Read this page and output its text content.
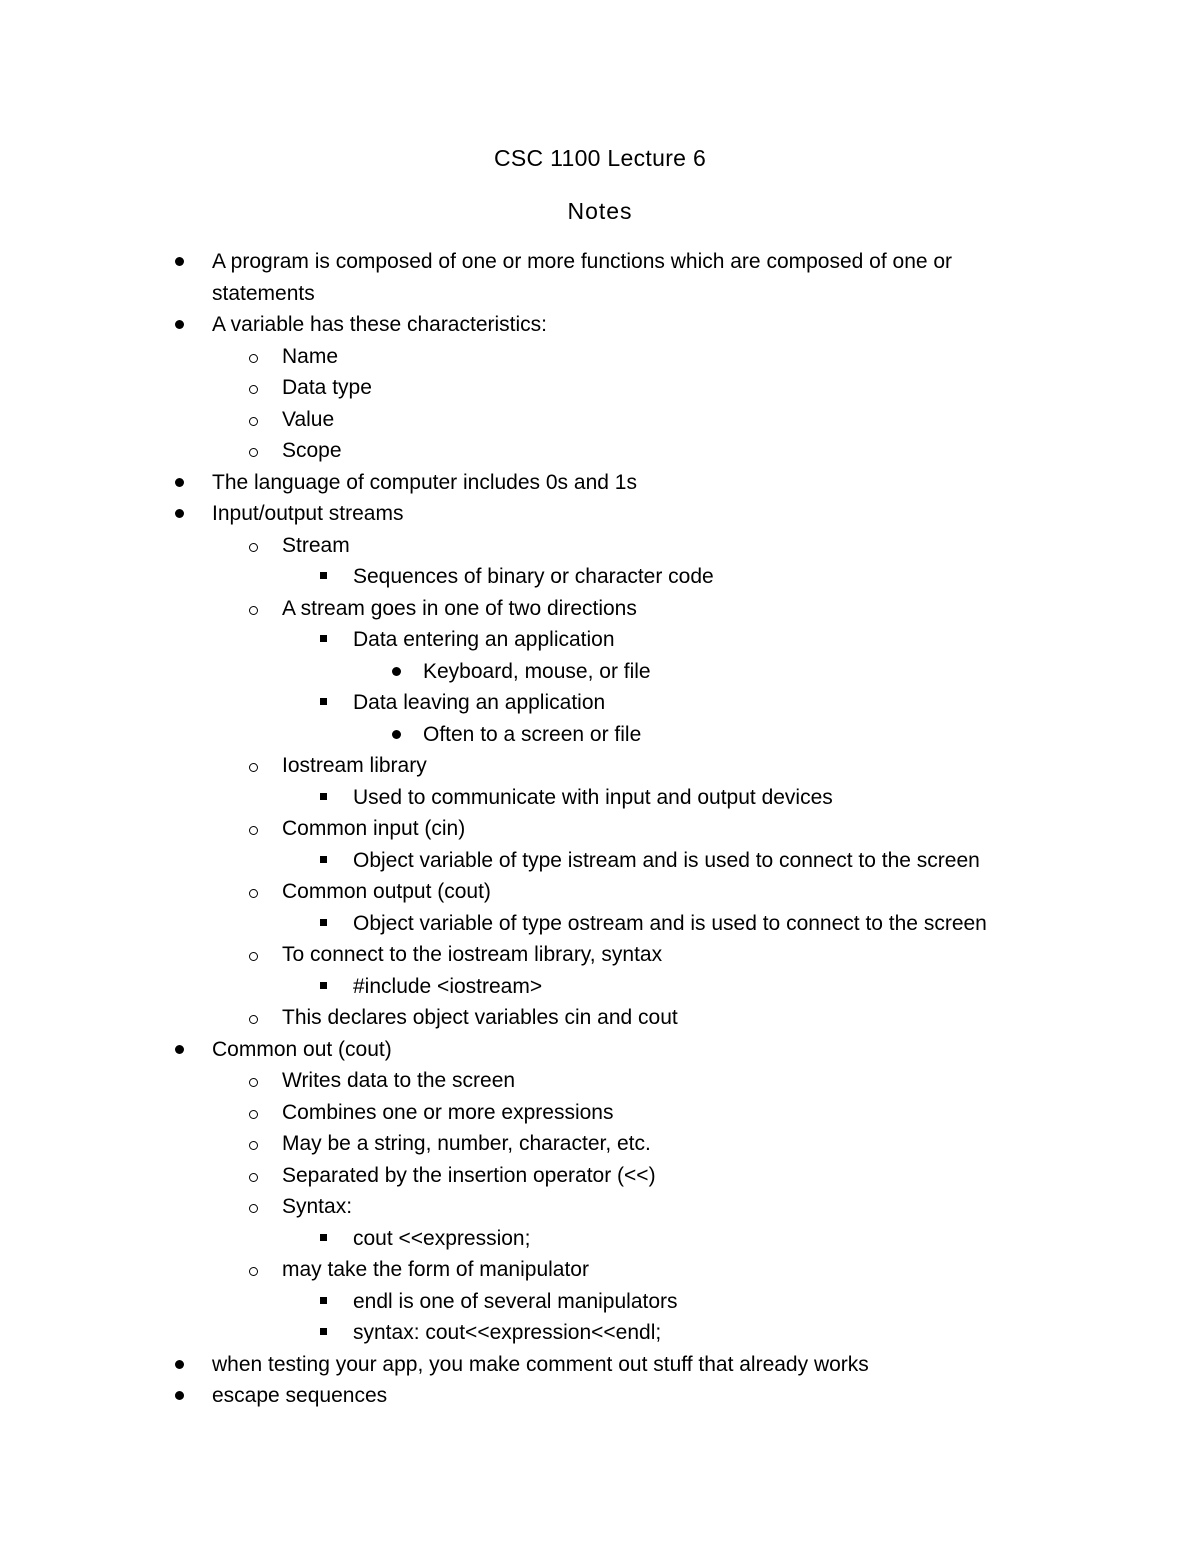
CSC 1100 Lecture 6
Notes
A program is composed of one or more functions which are composed of one or
statements
A variable has these characteristics:
Name
Data type
Value
Scope
The language of computer includes 0s and 1s
Input/output streams
Stream
Sequences of binary or character code
A stream goes in one of two directions
Data entering an application
Keyboard, mouse, or file
Data leaving an application
Often to a screen or file
Iostream library
Used to communicate with input and output devices
Common input (cin)
Object variable of type istream and is used to connect to the screen
Common output (cout)
Object variable of type ostream and is used to connect to the screen
To connect to the iostream library, syntax
#include <iostream>
This declares object variables cin and cout
Common out (cout)
Writes data to the screen
Combines one or more expressions
May be a string, number, character, etc.
Separated by the insertion operator (<<)
Syntax:
cout <<expression;
may take the form of manipulator
endl is one of several manipulators
syntax: cout<<expression<<endl;
when testing your app, you make comment out stuff that already works
escape sequences
